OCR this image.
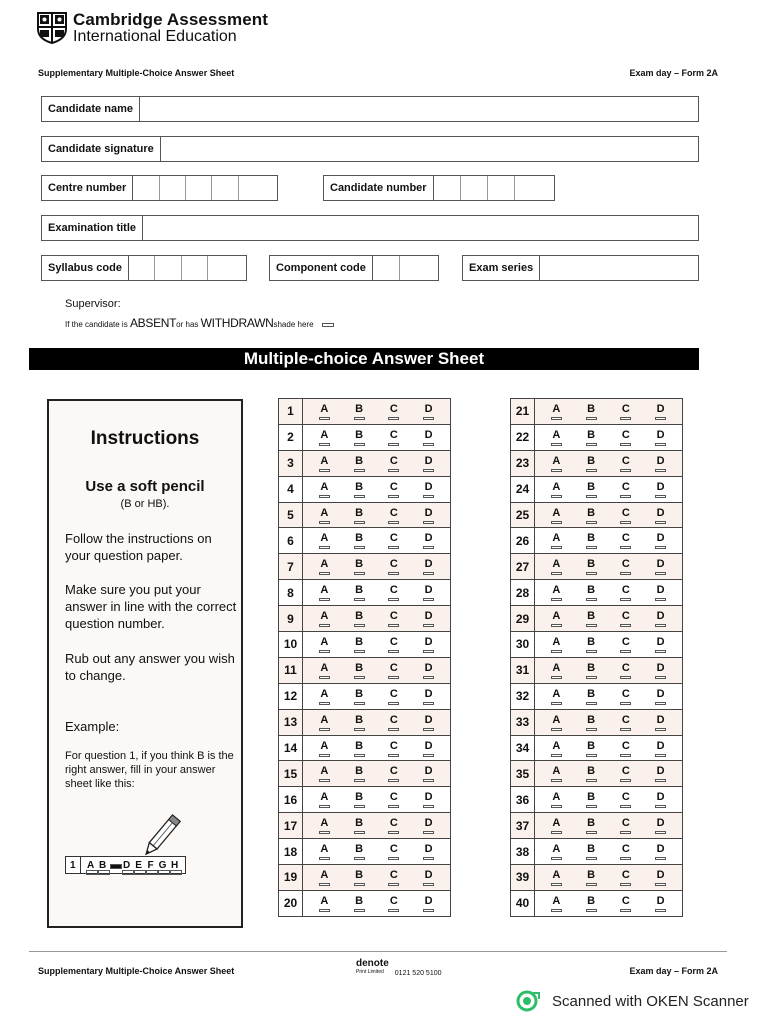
Cambridge Assessment
International Education
Supplementary Multiple-Choice Answer Sheet	Exam day – Form 2A
Candidate name
Candidate signature
Centre number	Candidate number
Examination title
Syllabus code	Component code	Exam series
Supervisor:
If the candidate is
ABSENT or has
WITHDRAWN shade here
Multiple-choice Answer Sheet
Instructions
Use a soft pencil
(B or HB).
Follow the instructions on your question paper.
Make sure you put your answer in line with the correct question number.
Rub out any answer you wish to change.
Example:
For question 1, if you think B is the right answer, fill in your answer sheet like this:
1	A B D E F G H
1	A B C D
2	A B C D
3	A B C D
4	A B C D
5	A B C D
6	A B C D
7	A B C D
8	A B C D
9	A B C D
10	A B C D
11	A B C D
12	A B C D
13	A B C D
14	A B C D
15	A B C D
16	A B C D
17	A B C D
18	A B C D
19	A B C D
20	A B C D
21	A B C D
22	A B C D
23	A B C D
24	A B C D
25	A B C D
26	A B C D
27	A B C D
28	A B C D
29	A B C D
30	A B C D
31	A B C D
32	A B C D
33	A B C D
34	A B C D
35	A B C D
36	A B C D
37	A B C D
38	A B C D
39	A B C D
40	A B C D
Supplementary Multiple-Choice Answer Sheet
denote
Print Limited	0121 520 5100	Exam day – Form 2A
Scanned with OKEN Scanner
